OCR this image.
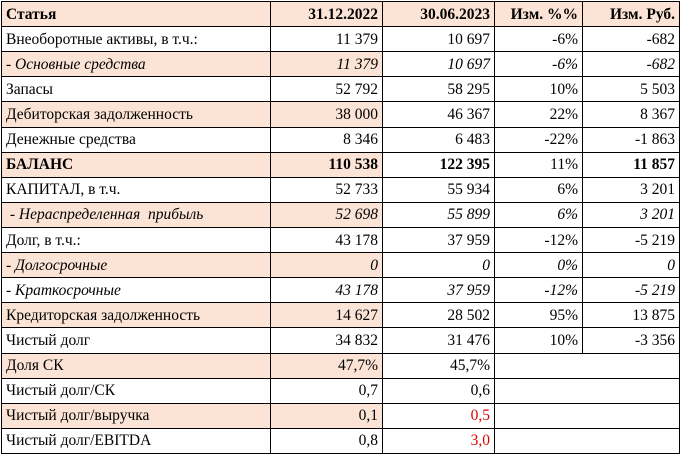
Статья	31.12.2022	30.06.2023	Изм. %%	Изм. Руб.
Внеоборотные активы, в т.ч.:	11 379	10 697	-6%	-682
- Основные средства	11 379	10 697	-6%	-682
Запасы	52 792	58 295	10%	5 503
Дебиторская задолженность	38 000	46 367	22%	8 367
Денежные средства	8 346	6 483	-22%	-1 863
БАЛАНС	110 538	122 395	11%	11 857
КАПИТАЛ, в т.ч.	52 733	55 934	6%	3 201
- Нераспределенная  прибыль	52 698	55 899	6%	3 201
Долг, в т.ч.:	43 178	37 959	-12%	-5 219
- Долгосрочные	0	0	0%	0
- Краткосрочные	43 178	37 959	-12%	-5 219
Кредиторская задолженность	14 627	28 502	95%	13 875
Чистый долг	34 832	31 476	10%	-3 356
Доля СК	47,7%	45,7%		
Чистый долг/СК	0,7	0,6		
Чистый долг/выручка	0,1	0,5		
Чистый долг/EBITDA	0,8	3,0		
